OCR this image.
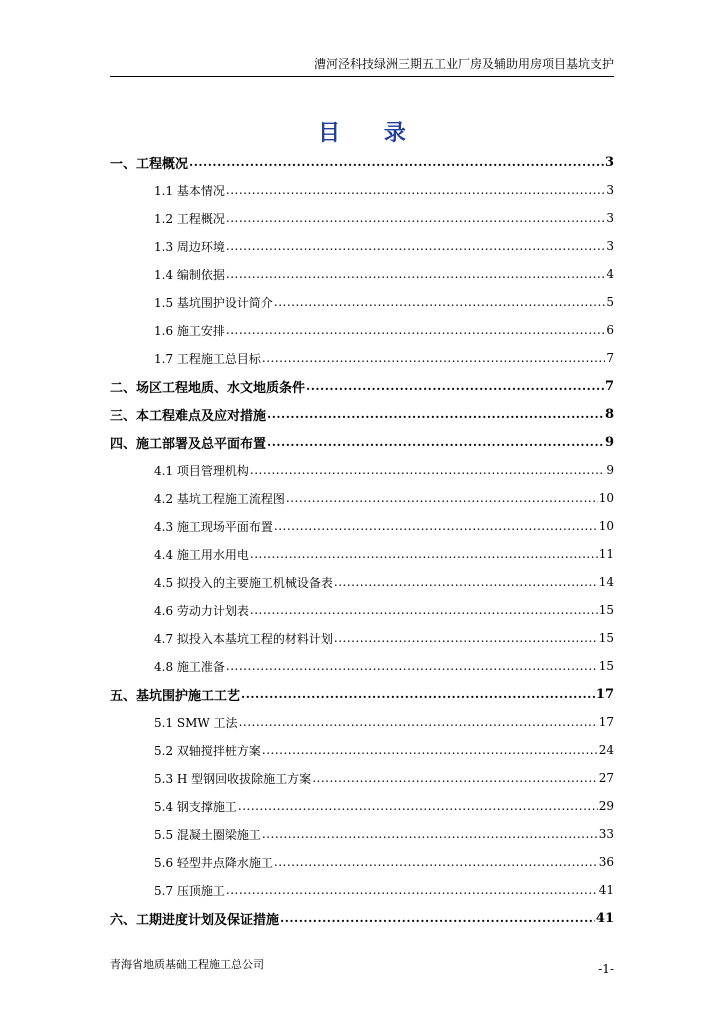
漕河泾科技绿洲三期五工业厂房及辅助用房项目基坑支护
目 录
一、工程概况 .....	3
1.1 基本情况 .....	3
1.2 工程概况 .....	3
1.3 周边环境 .....	3
1.4 编制依据 .....	4
1.5 基坑围护设计简介 .....	5
1.6 施工安排 .....	6
1.7 工程施工总目标 .....	7
二、场区工程地质、水文地质条件 .....	7
三、本工程难点及应对措施 .....	8
四、施工部署及总平面布置 .....	9
4.1 项目管理机构 .....	9
4.2 基坑工程施工流程图 .....	10
4.3 施工现场平面布置 .....	10
4.4 施工用水用电 .....	11
4.5 拟投入的主要施工机械设备表 .....	14
4.6 劳动力计划表 .....	15
4.7 拟投入本基坑工程的材料计划 .....	15
4.8 施工准备 .....	15
五、基坑围护施工工艺 .....	17
5.1 SMW 工法 .....	17
5.2 双轴搅拌桩方案 .....	24
5.3 H 型钢回收拔除施工方案 .....	27
5.4 钢支撑施工 .....	29
5.5 混凝土圈梁施工 .....	33
5.6 轻型井点降水施工 .....	36
5.7 压顶施工 .....	41
六、工期进度计划及保证措施 .....	41
青海省地质基础工程施工总公司	-1-
